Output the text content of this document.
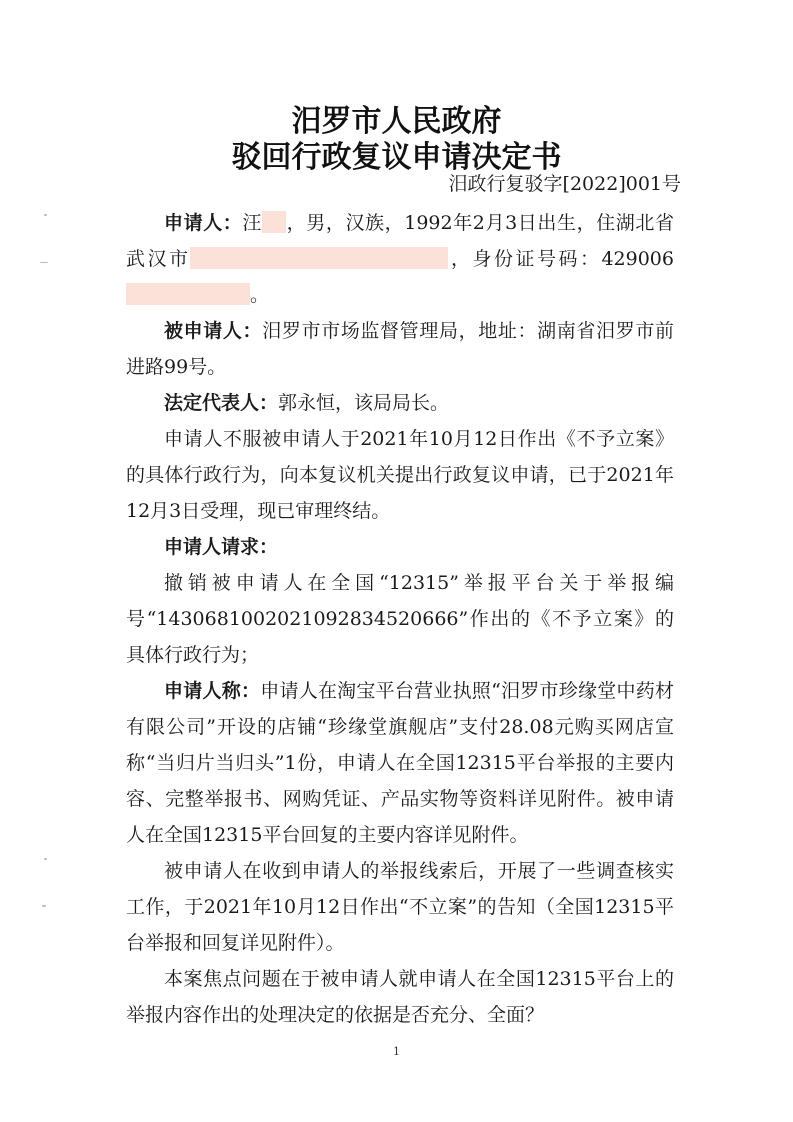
汨罗市人民政府
驳回行政复议申请决定书
汨政行复驳字[2022]001号

申请人：汪 ，男，汉族，1992年2月3日出生，住湖北省武汉市	，身份证号码：429006。

被申请人：汨罗市市场监督管理局，地址：湖南省汨罗市前进路99号。

法定代表人：郭永恒，该局局长。

申请人不服被申请人于2021年10月12日作出《不予立案》的具体行政行为，向本复议机关提出行政复议申请，已于2021年12月3日受理，现已审理终结。

申请人请求：

撤销被申请人在全国“12315”举报平台关于举报编号“1430681002021092834520666”作出的《不予立案》的具体行政行为；

申请人称：申请人在淘宝平台营业执照“汨罗市珍缘堂中药材有限公司”开设的店铺“珍缘堂旗舰店”支付28.08元购买网店宣称“当归片当归头”1份，申请人在全国12315平台举报的主要内容、完整举报书、网购凭证、产品实物等资料详见附件。被申请人在全国12315平台回复的主要内容详见附件。

被申请人在收到申请人的举报线索后，开展了一些调查核实工作，于2021年10月12日作出“不立案”的告知（全国12315平台举报和回复详见附件）。

本案焦点问题在于被申请人就申请人在全国12315平台上的举报内容作出的处理决定的依据是否充分、全面？

1
